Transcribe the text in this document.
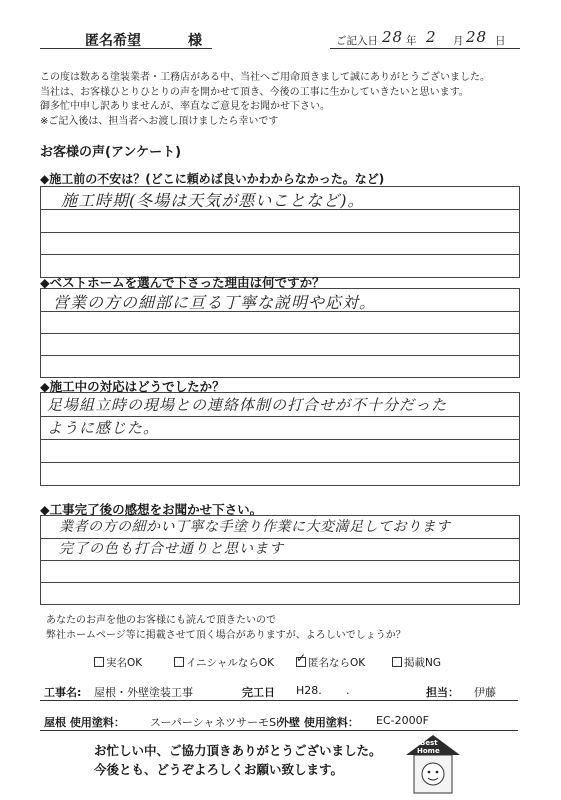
匿名希望	様	ご記入日 28 年 2 月 28 日
この度は数ある塗装業者・工務店がある中、当社へご用命頂きまして誠にありがとうございました。
当社は、お客様ひとりひとりの声を開かせて頂き、今後の工事に生かしていきたいと思います。
御多忙中申し訳ありませんが、率直なご意見をお聞かせ下さい。
※ご記入後は、担当者へお渡し頂けましたら幸いです
お客様の声(アンケート)
◆施工前の不安は？(どこに頼めば良いかわからなかった。など)
施工時期(冬場は天気が悪いことなど)。
◆ベストホームを選んで下さった理由は何ですか？
営業の方の細部に亘る丁寧な説明や応対。
◆施工中の対応はどうでしたか？
足場組立時の現場との連絡体制の打合せが不十分だった
ように感じた。
◆工事完了後の感想をお聞かせ下さい。
業者の方の細かい丁寧な手塗り作業に大変満足しております
完了の色も打合せ通りと思います
あなたのお声を他のお客様にも読んで頂きたいので
弊社ホームページ等に掲載させて頂く場合がありますが、よろしいでしょうか？
実名OK	イニシャルならOK ✓ 匿名ならOK	掲載NG
工事名: 屋根・外壁塗装工事	完工日 H28. .	担当： 伊藤
屋根 使用塗料： スーパーシャネツサーモSi
外壁 使用塗料： EC-2000F
お忙しい中、ご協力頂きありがとうございました。
今後とも、どうぞよろしくお願い致します。
Best
Home
